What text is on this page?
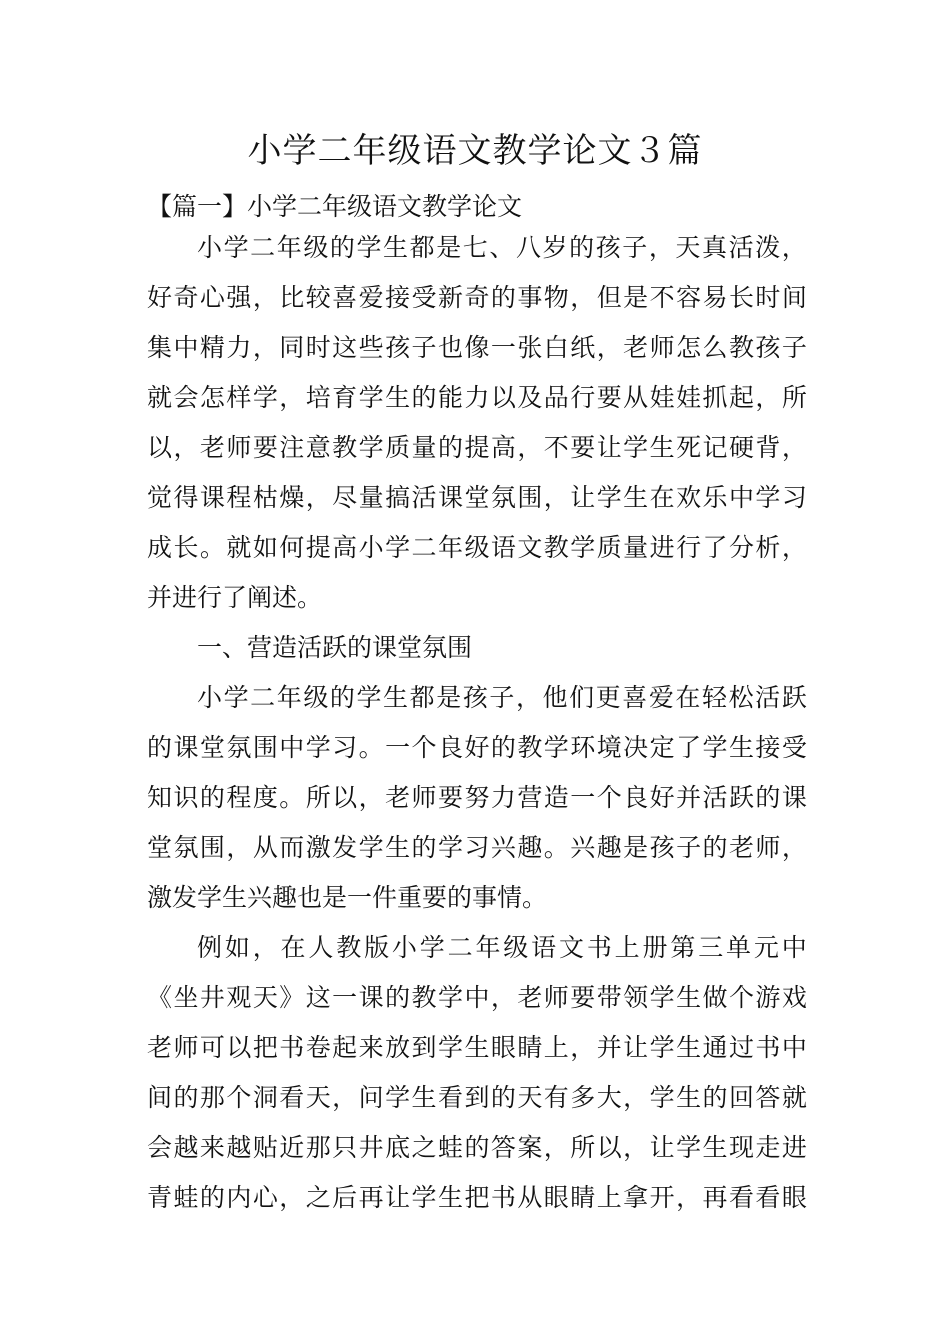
小学二年级语文教学论文３篇

【篇一】小学二年级语文教学论文

小 学 二 年 级 的 学 生 都 是 七 、 八 岁 的 孩 子 ， 天 真 活 泼 ，

好 奇 心 强 ， 比 较 喜 爱 接 受 新 奇 的 事 物 ， 但 是 不 容 易 长 时 间

集 中 精 力 ， 同 时 这 些 孩 子 也 像 一 张 白 纸 ， 老 师 怎 么 教 孩 子

就 会 怎 样 学 ， 培 育 学 生 的 能 力 以 及 品 行 要 从 娃 娃 抓 起 ， 所

以 ， 老 师 要 注 意 教 学 质 量 的 提 高 ， 不 要 让 学 生 死 记 硬 背 ，

觉 得 课 程 枯 燥 ， 尽 量 搞 活 课 堂 氛 围 ， 让 学 生 在 欢 乐 中 学 习

成 长 。 就 如 何 提 高 小 学 二 年 级 语 文 教 学 质 量 进 行 了 分 析 ，

并进行了阐述。

一、营造活跃的课堂氛围

小 学 二 年 级 的 学 生 都 是 孩 子 ， 他 们 更 喜 爱 在 轻 松 活 跃

的 课 堂 氛 围 中 学 习 。 一 个 良 好 的 教 学 环 境 决 定 了 学 生 接 受

知 识 的 程 度 。 所 以 ， 老 师 要 努 力 营 造 一 个 良 好 并 活 跃 的 课

堂 氛 围 ， 从 而 激 发 学 生 的 学 习 兴 趣 。 兴 趣 是 孩 子 的 老 师 ，

激发学生兴趣也是一件重要的事情。

例 如 ， 在 人 教 版 小 学 二 年 级 语 文 书 上 册 第 三 单 元 中

《 坐 井 观 天 》 这 一 课 的 教 学 中 ， 老 师 要 带 领 学 生 做 个 游 戏

老 师 可 以 把 书 卷 起 来 放 到 学 生 眼 睛 上 ， 并 让 学 生 通 过 书 中

间 的 那 个 洞 看 天 ， 问 学 生 看 到 的 天 有 多 大 ， 学 生 的 回 答 就

会 越 来 越 贴 近 那 只 井 底 之 蛙 的 答 案 ， 所 以 ， 让 学 生 现 走 进

青 蛙 的 内 心 ， 之 后 再 让 学 生 把 书 从 眼 睛 上 拿 开 ， 再 看 看 眼
